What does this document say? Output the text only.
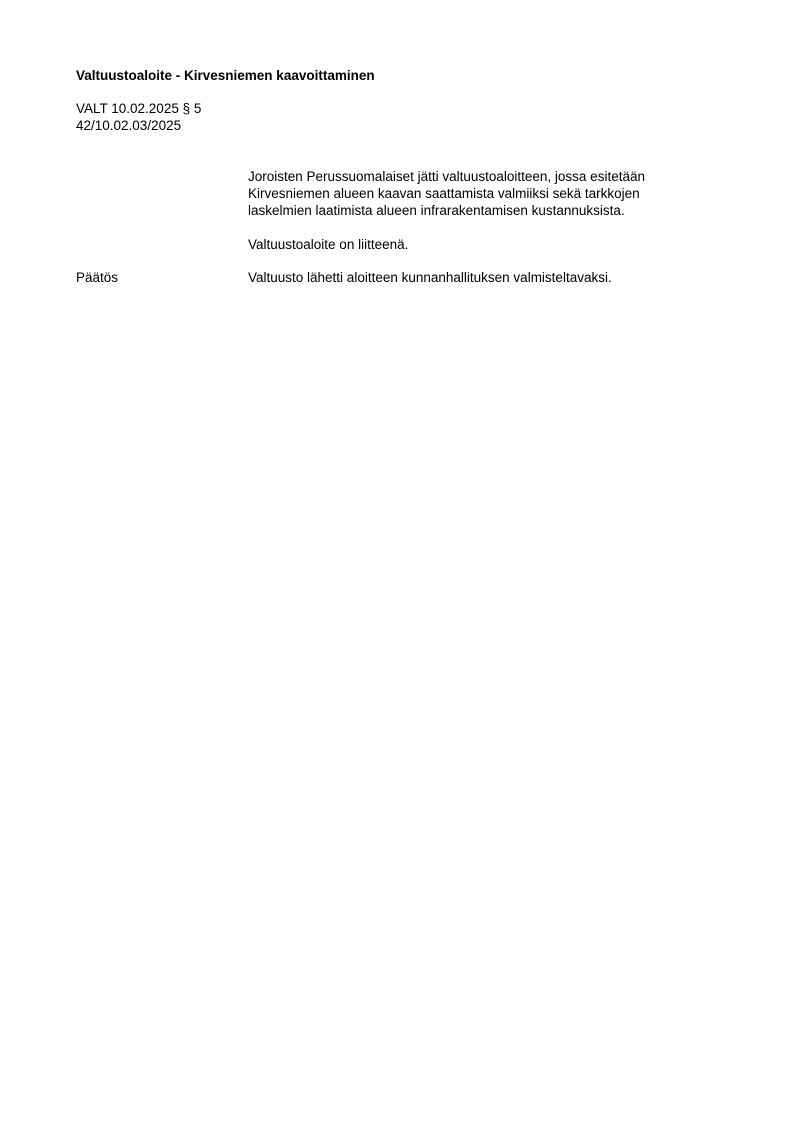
Valtuustoaloite - Kirvesniemen kaavoittaminen
VALT 10.02.2025 § 5
42/10.02.03/2025
Joroisten Perussuomalaiset jätti valtuustoaloitteen, jossa esitetään
Kirvesniemen alueen kaavan saattamista valmiiksi sekä tarkkojen
laskelmien laatimista alueen infrarakentamisen kustannuksista.
Valtuustoaloite on liitteenä.
Päätös	Valtuusto lähetti aloitteen kunnanhallituksen valmisteltavaksi.
